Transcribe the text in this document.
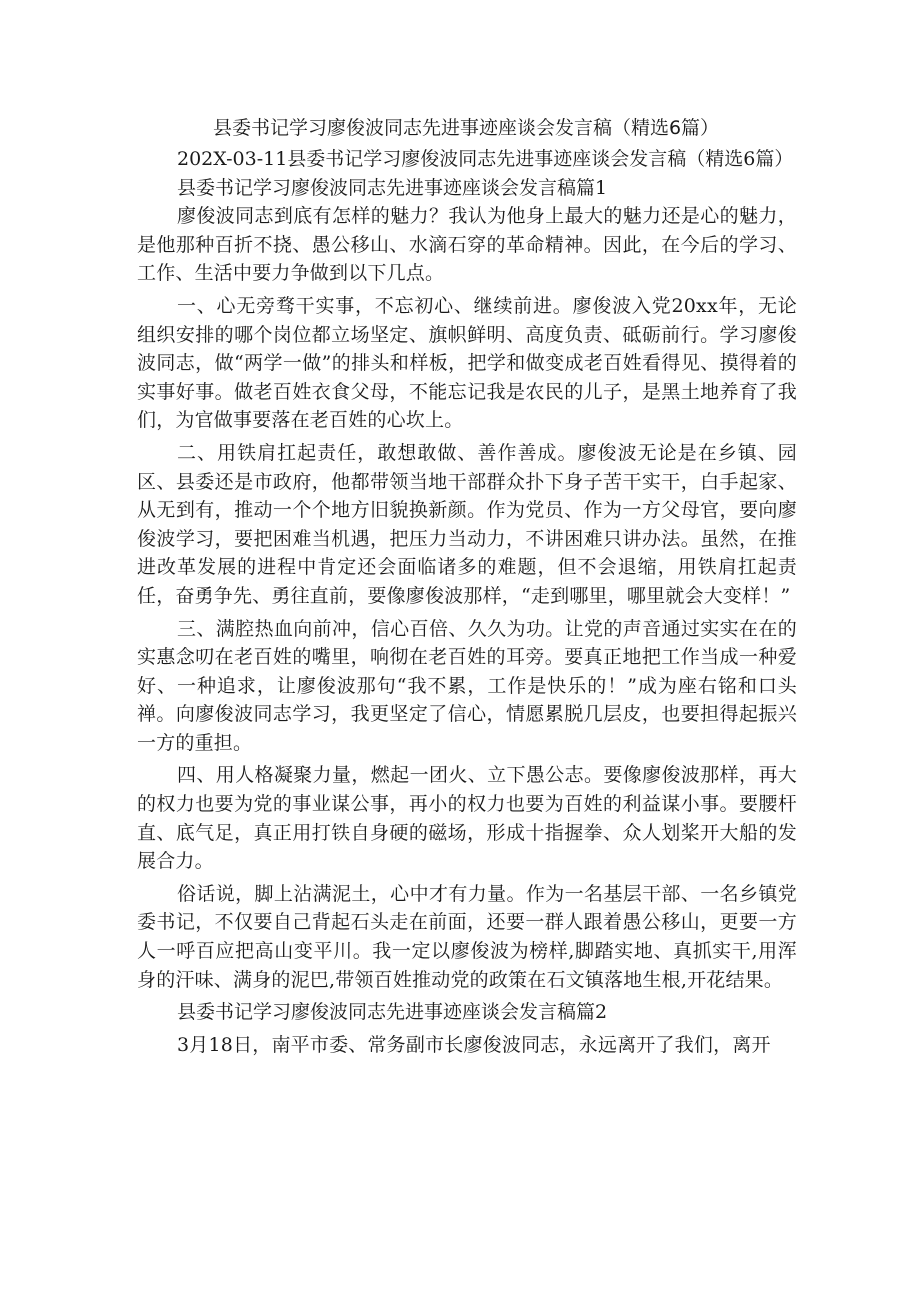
县委书记学习廖俊波同志先进事迹座谈会发言稿（精选6篇）

202X-03-11县委书记学习廖俊波同志先进事迹座谈会发言稿（精选6篇）

县委书记学习廖俊波同志先进事迹座谈会发言稿篇1

廖俊波同志到底有怎样的魅力？我认为他身上最大的魅力还是心的魅力，是他那种百折不挠、愚公移山、水滴石穿的革命精神。因此，在今后的学习、工作、生活中要力争做到以下几点。

一、心无旁骛干实事，不忘初心、继续前进。廖俊波入党20xx年，无论组织安排的哪个岗位都立场坚定、旗帜鲜明、高度负责、砥砺前行。学习廖俊波同志，做“两学一做”的排头和样板，把学和做变成老百姓看得见、摸得着的实事好事。做老百姓衣食父母，不能忘记我是农民的儿子，是黑土地养育了我们，为官做事要落在老百姓的心坎上。

二、用铁肩扛起责任，敢想敢做、善作善成。廖俊波无论是在乡镇、园区、县委还是市政府，他都带领当地干部群众扑下身子苦干实干，白手起家、从无到有，推动一个个地方旧貌换新颜。作为党员、作为一方父母官，要向廖俊波学习，要把困难当机遇，把压力当动力，不讲困难只讲办法。虽然，在推进改革发展的进程中肯定还会面临诸多的难题，但不会退缩，用铁肩扛起责任，奋勇争先、勇往直前，要像廖俊波那样，“走到哪里，哪里就会大变样！”

三、满腔热血向前冲，信心百倍、久久为功。让党的声音通过实实在在的实惠念叨在老百姓的嘴里，响彻在老百姓的耳旁。要真正地把工作当成一种爱好、一种追求，让廖俊波那句“我不累，工作是快乐的！”成为座右铭和口头禅。向廖俊波同志学习，我更坚定了信心，情愿累脱几层皮，也要担得起振兴一方的重担。

四、用人格凝聚力量，燃起一团火、立下愚公志。要像廖俊波那样，再大的权力也要为党的事业谋公事，再小的权力也要为百姓的利益谋小事。要腰杆直、底气足，真正用打铁自身硬的磁场，形成十指握拳、众人划桨开大船的发展合力。

俗话说，脚上沾满泥土，心中才有力量。作为一名基层干部、一名乡镇党委书记，不仅要自己背起石头走在前面，还要一群人跟着愚公移山，更要一方人一呼百应把高山变平川。我一定以廖俊波为榜样,脚踏实地、真抓实干,用浑身的汗味、满身的泥巴,带领百姓推动党的政策在石文镇落地生根,开花结果。

县委书记学习廖俊波同志先进事迹座谈会发言稿篇2

3月18日，南平市委、常务副市长廖俊波同志，永远离开了我们，离开
